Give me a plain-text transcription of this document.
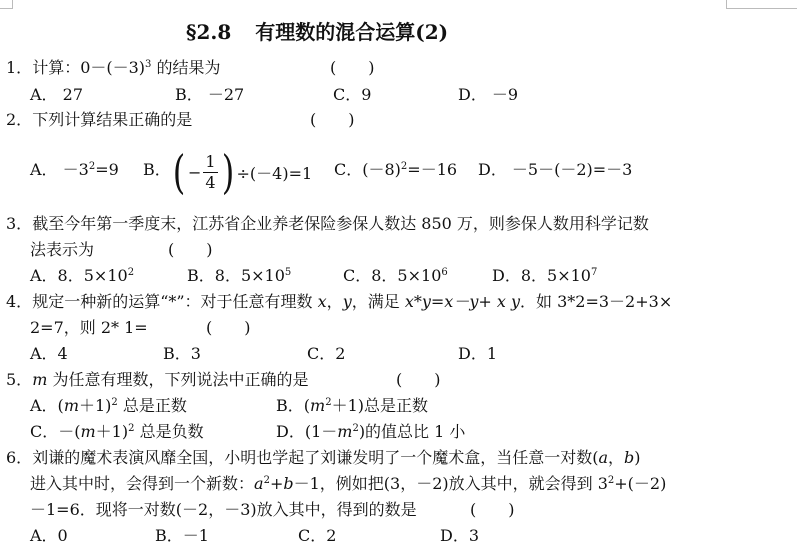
§2.8 有理数的混合运算(2)
1．计算：$0-(-3)^3$ 的结果为	(　　)
A． 27	B． －27	C．9	D． －9
2．下列计算结果正确的是	(　　)
A． $-3^2=9$ B． ( − $\frac{1}{4}$ ) ÷(－4)=1 C．$(-8)^2=-16$ D． －5－(－2)=－3
3．截至今年第一季度末，江苏省企业养老保险参保人数达 850 万，则参保人数用科学记数
法表示为	(　　)
A．8．$5\times 10^2$	B．8．$5\times 10^5$	C．8．$5\times 10^6$	D．8．$5\times 10^7$
4．规定一种新的运算“*”：对于任意有理数 x，y，满足 x*y=x－y+ x y．如 3*2=3－2+3×
2=7，则 2* 1=	(　　)
A．4	B．3	C．2	D．1
5．m 为任意有理数，下列说法中正确的是	(　　)
A．$(m+1)^2$ 总是正数	B．$(m^2+1)$总是正数
C．$-(m+1)^2$ 总是负数	D．$(1-m^2)$的值总比 1 小
6．刘谦的魔术表演风靡全国，小明也学起了刘谦发明了一个魔术盒，当任意一对数(a，b)
进入其中时，会得到一个新数：$a^2+b-1$，例如把(3，－2)放入其中，就会得到 $3^2+(-2)$
－1=6．现将一对数(－2，－3)放入其中，得到的数是	(　　)
A．0	B．－1	C．2	D．3
